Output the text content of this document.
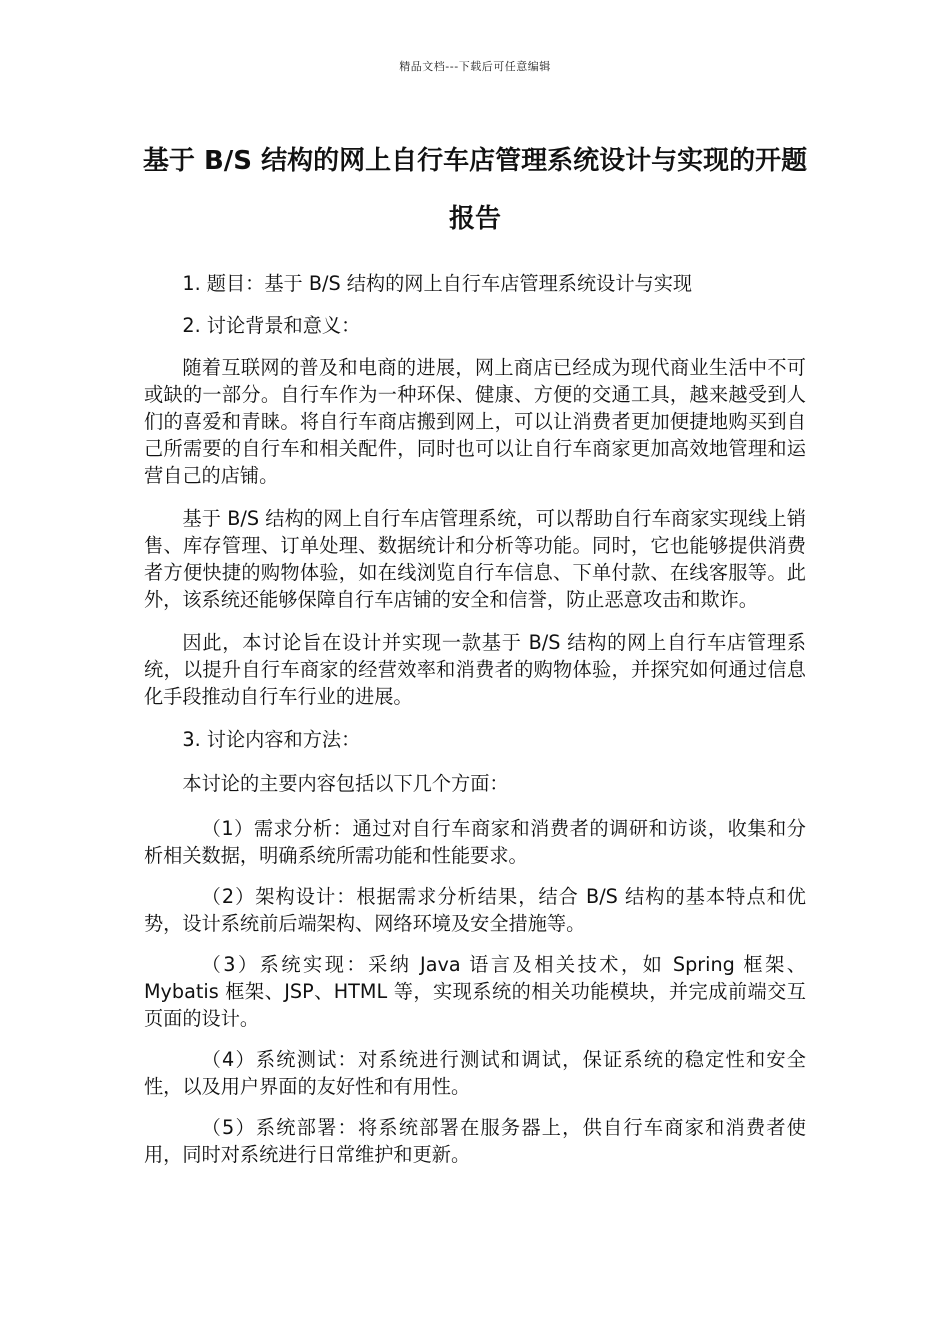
精品文档---下载后可任意编辑
基于 B/S 结构的网上自行车店管理系统设计与实现的开题报告

1. 题目：基于 B/S 结构的网上自行车店管理系统设计与实现

2. 讨论背景和意义：

随着互联网的普及和电商的进展，网上商店已经成为现代商业生活中不可或缺的一部分。自行车作为一种环保、健康、方便的交通工具，越来越受到人们的喜爱和青睐。将自行车商店搬到网上，可以让消费者更加便捷地购买到自己所需要的自行车和相关配件，同时也可以让自行车商家更加高效地管理和运营自己的店铺。

基于 B/S 结构的网上自行车店管理系统，可以帮助自行车商家实现线上销售、库存管理、订单处理、数据统计和分析等功能。同时，它也能够提供消费者方便快捷的购物体验，如在线浏览自行车信息、下单付款、在线客服等。此外，该系统还能够保障自行车店铺的安全和信誉，防止恶意攻击和欺诈。

因此，本讨论旨在设计并实现一款基于 B/S 结构的网上自行车店管理系统，以提升自行车商家的经营效率和消费者的购物体验，并探究如何通过信息化手段推动自行车行业的进展。

3. 讨论内容和方法：

本讨论的主要内容包括以下几个方面：

（1）需求分析：通过对自行车商家和消费者的调研和访谈，收集和分析相关数据，明确系统所需功能和性能要求。

（2）架构设计：根据需求分析结果，结合 B/S 结构的基本特点和优势，设计系统前后端架构、网络环境及安全措施等。

（3）系统实现：采纳 Java 语言及相关技术，如 Spring 框架、Mybatis 框架、JSP、HTML 等，实现系统的相关功能模块，并完成前端交互页面的设计。

（4）系统测试：对系统进行测试和调试，保证系统的稳定性和安全性，以及用户界面的友好性和有用性。

（5）系统部署：将系统部署在服务器上，供自行车商家和消费者使用，同时对系统进行日常维护和更新。
